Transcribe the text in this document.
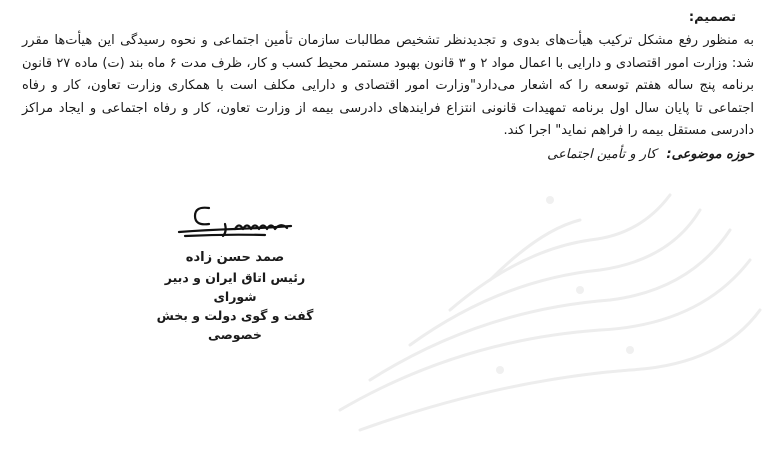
تصمیم:
به منظور رفع مشکل ترکیب هیأت‌های بدوی و تجدیدنظر تشخیص مطالبات سازمان تأمین اجتماعی و نحوه رسیدگی این هیأت‌ها مقرر شد: وزارت امور اقتصادی و دارایی با اعمال مواد ۲ و ۳ قانون بهبود مستمر محیط کسب و کار، ظرف مدت ۶ ماه بند (ت) ماده ۲۷ قانون برنامه پنج ساله هفتم توسعه را که اشعار می‌دارد"وزارت امور اقتصادی و دارایی مکلف است با همکاری وزارت تعاون، کار و رفاه اجتماعی تا پایان سال اول برنامه تمهیدات قانونی انتزاع فرایندهای دادرسی بیمه از وزارت تعاون، کار و رفاه اجتماعی و ایجاد مراکز دادرسی مستقل بیمه را فراهم نماید" اجرا کند.
حوزه موضوعی: کار و تأمین اجتماعی
صمد حسن زاده
رئیس اتاق ایران و دبیر شورای
گفت و گوی دولت و بخش خصوصی
